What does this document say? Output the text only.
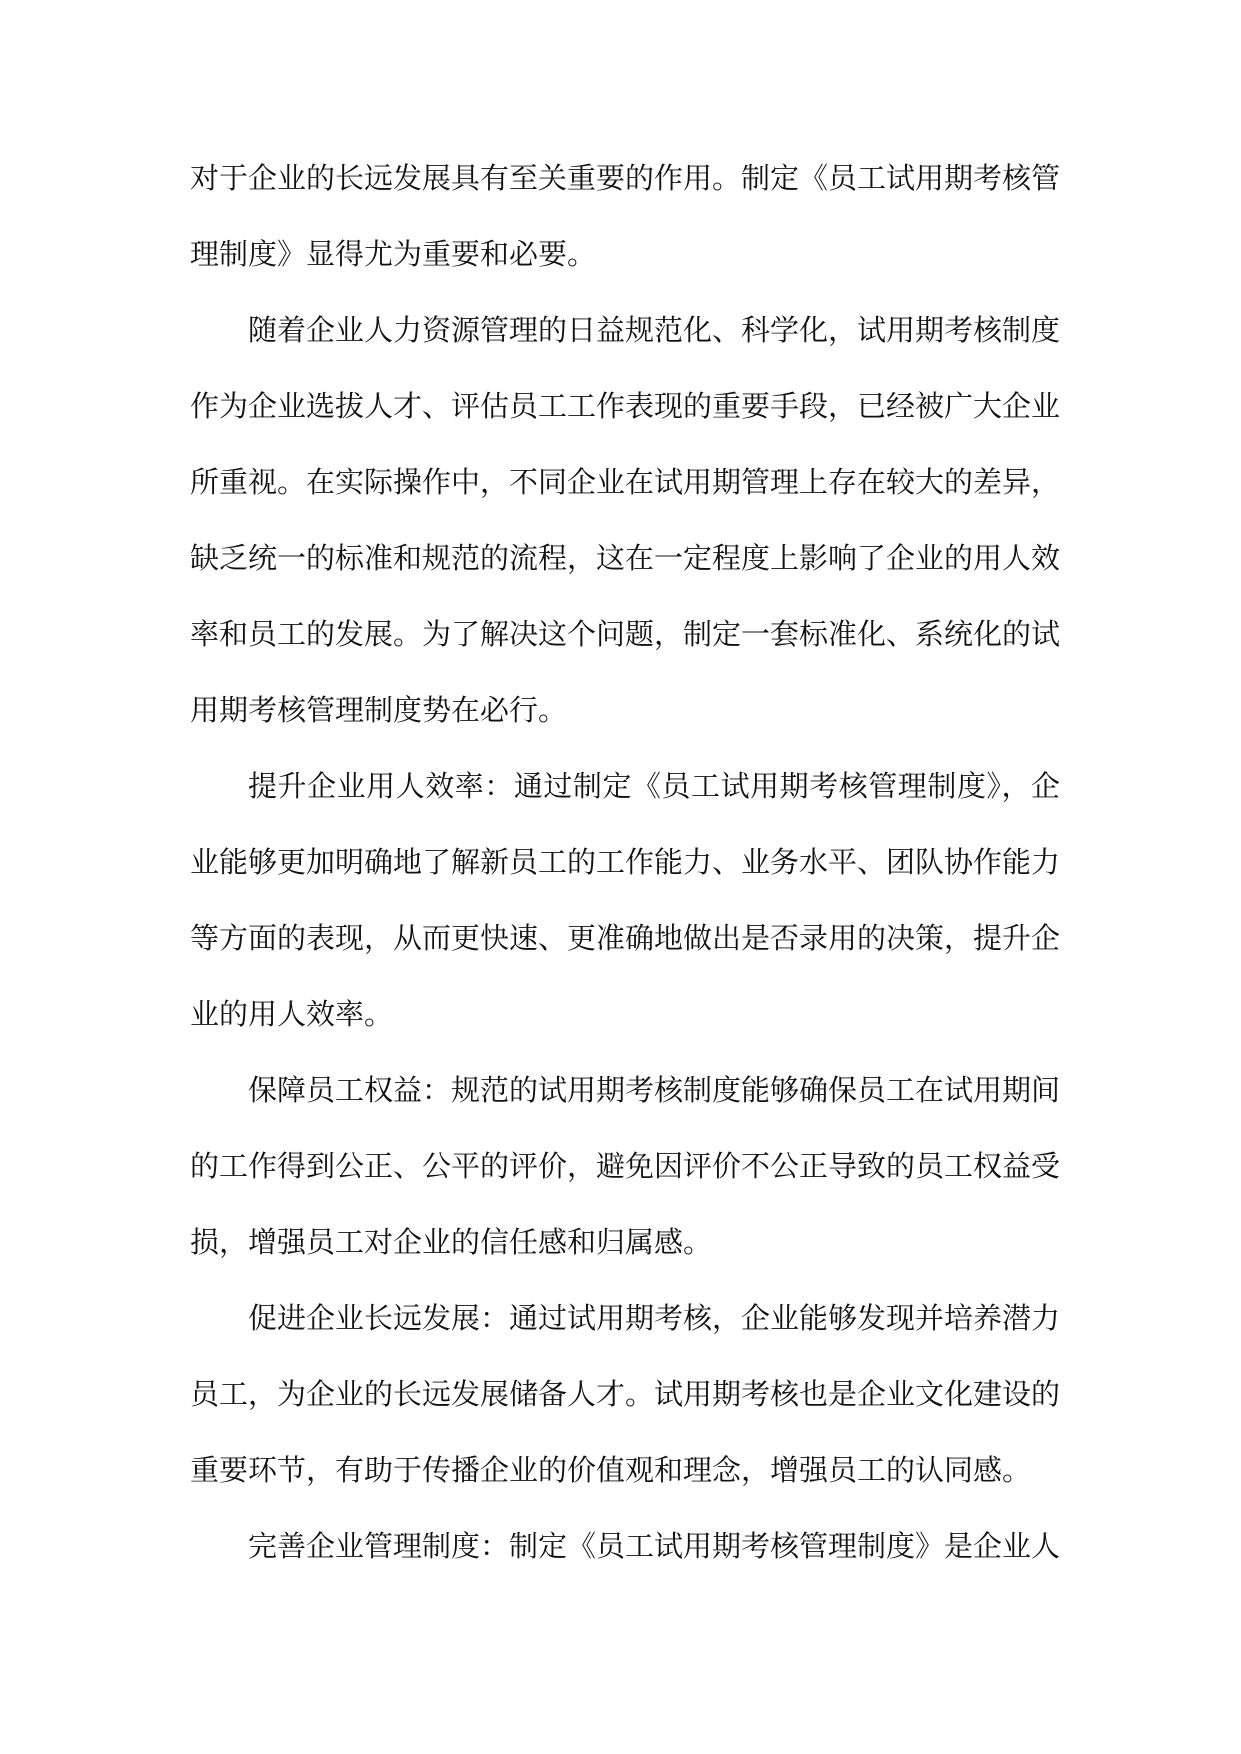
对于企业的长远发展具有至关重要的作用。制定《员工试用期考核管理制度》显得尤为重要和必要。

随着企业人力资源管理的日益规范化、科学化，试用期考核制度作为企业选拔人才、评估员工工作表现的重要手段，已经被广大企业所重视。在实际操作中，不同企业在试用期管理上存在较大的差异，缺乏统一的标准和规范的流程，这在一定程度上影响了企业的用人效率和员工的发展。为了解决这个问题，制定一套标准化、系统化的试用期考核管理制度势在必行。

提升企业用人效率：通过制定《员工试用期考核管理制度》，企业能够更加明确地了解新员工的工作能力、业务水平、团队协作能力等方面的表现，从而更快速、更准确地做出是否录用的决策，提升企业的用人效率。

保障员工权益：规范的试用期考核制度能够确保员工在试用期间的工作得到公正、公平的评价，避免因评价不公正导致的员工权益受损，增强员工对企业的信任感和归属感。

促进企业长远发展：通过试用期考核，企业能够发现并培养潜力员工，为企业的长远发展储备人才。试用期考核也是企业文化建设的重要环节，有助于传播企业的价值观和理念，增强员工的认同感。

完善企业管理制度：制定《员工试用期考核管理制度》是企业人
